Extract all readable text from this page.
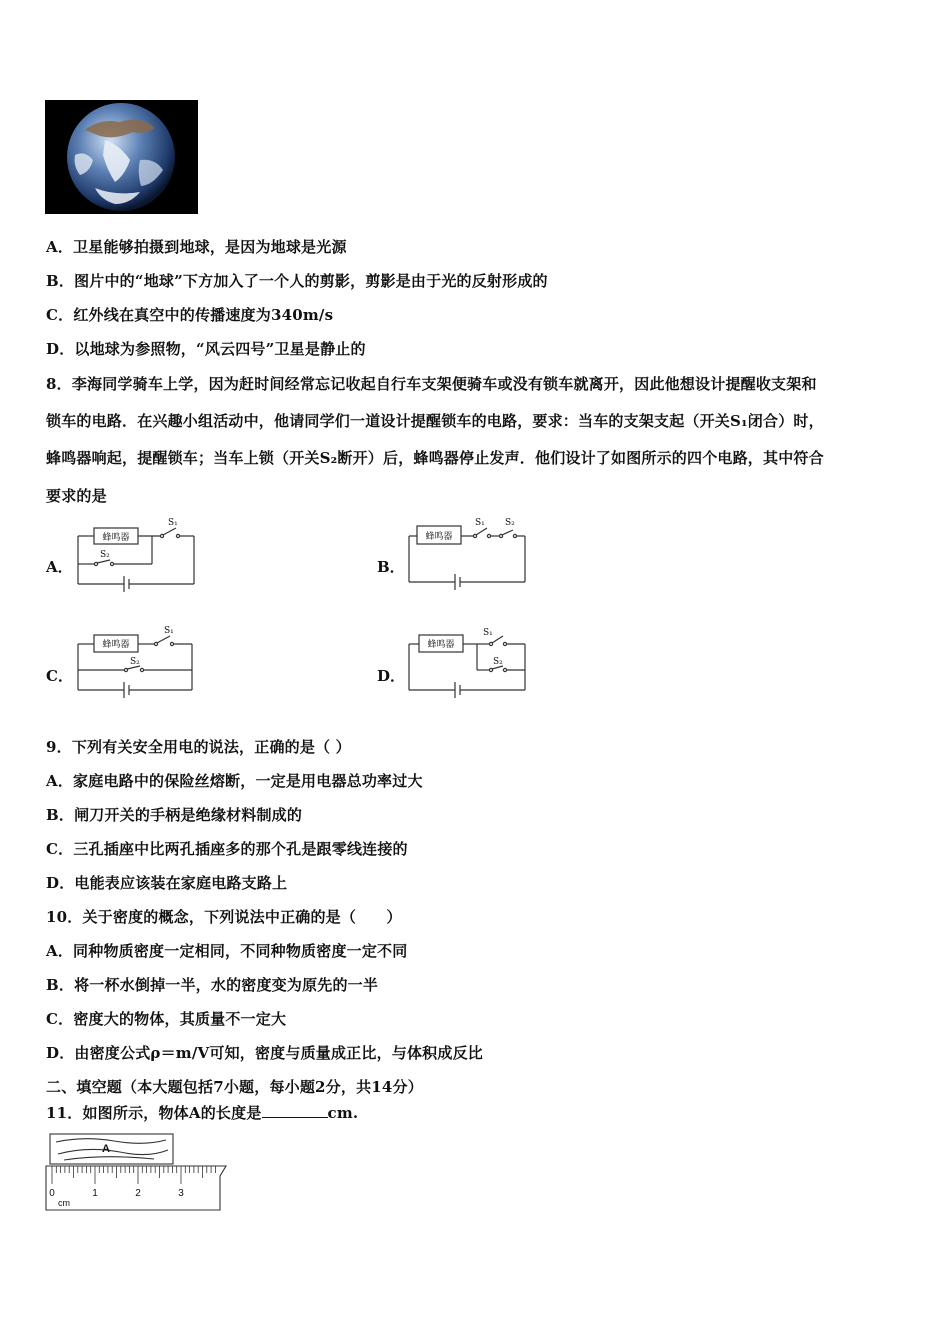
A．卫星能够拍摄到地球，是因为地球是光源
B．图片中的“地球”下方加入了一个人的剪影，剪影是由于光的反射形成的
C．红外线在真空中的传播速度为340m/s
D．以地球为参照物，“风云四号”卫星是静止的
8．李海同学骑车上学，因为赶时间经常忘记收起自行车支架便骑车或没有锁车就离开，因此他想设计提醒收支架和
锁车的电路．在兴趣小组活动中，他请同学们一道设计提醒锁车的电路，要求：当车的支架支起（开关S₁闭合）时，
蜂鸣器响起，提醒锁车；当车上锁（开关S₂断开）后，蜂鸣器停止发声．他们设计了如图所示的四个电路，其中符合
要求的是
A．
蜂鸣器
S₁
S₂
B．
蜂鸣器
S₁ S₂
C．
蜂鸣器
S₁
S₂
D．
蜂鸣器
S₁
S₂
9．下列有关安全用电的说法，正确的是（ ）
A．家庭电路中的保险丝熔断，一定是用电器总功率过大
B．闸刀开关的手柄是绝缘材料制成的
C．三孔插座中比两孔插座多的那个孔是跟零线连接的
D．电能表应该装在家庭电路支路上
10．关于密度的概念，下列说法中正确的是（　　）
A．同种物质密度一定相同，不同种物质密度一定不同
B．将一杯水倒掉一半，水的密度变为原先的一半
C．密度大的物体，其质量不一定大
D．由密度公式ρ＝m/V可知，密度与质量成正比，与体积成反比
二、填空题（本大题包括7小题，每小题2分，共14分）
11．如图所示，物体A的长度是	cm.
A
0	1	2	3
cm
